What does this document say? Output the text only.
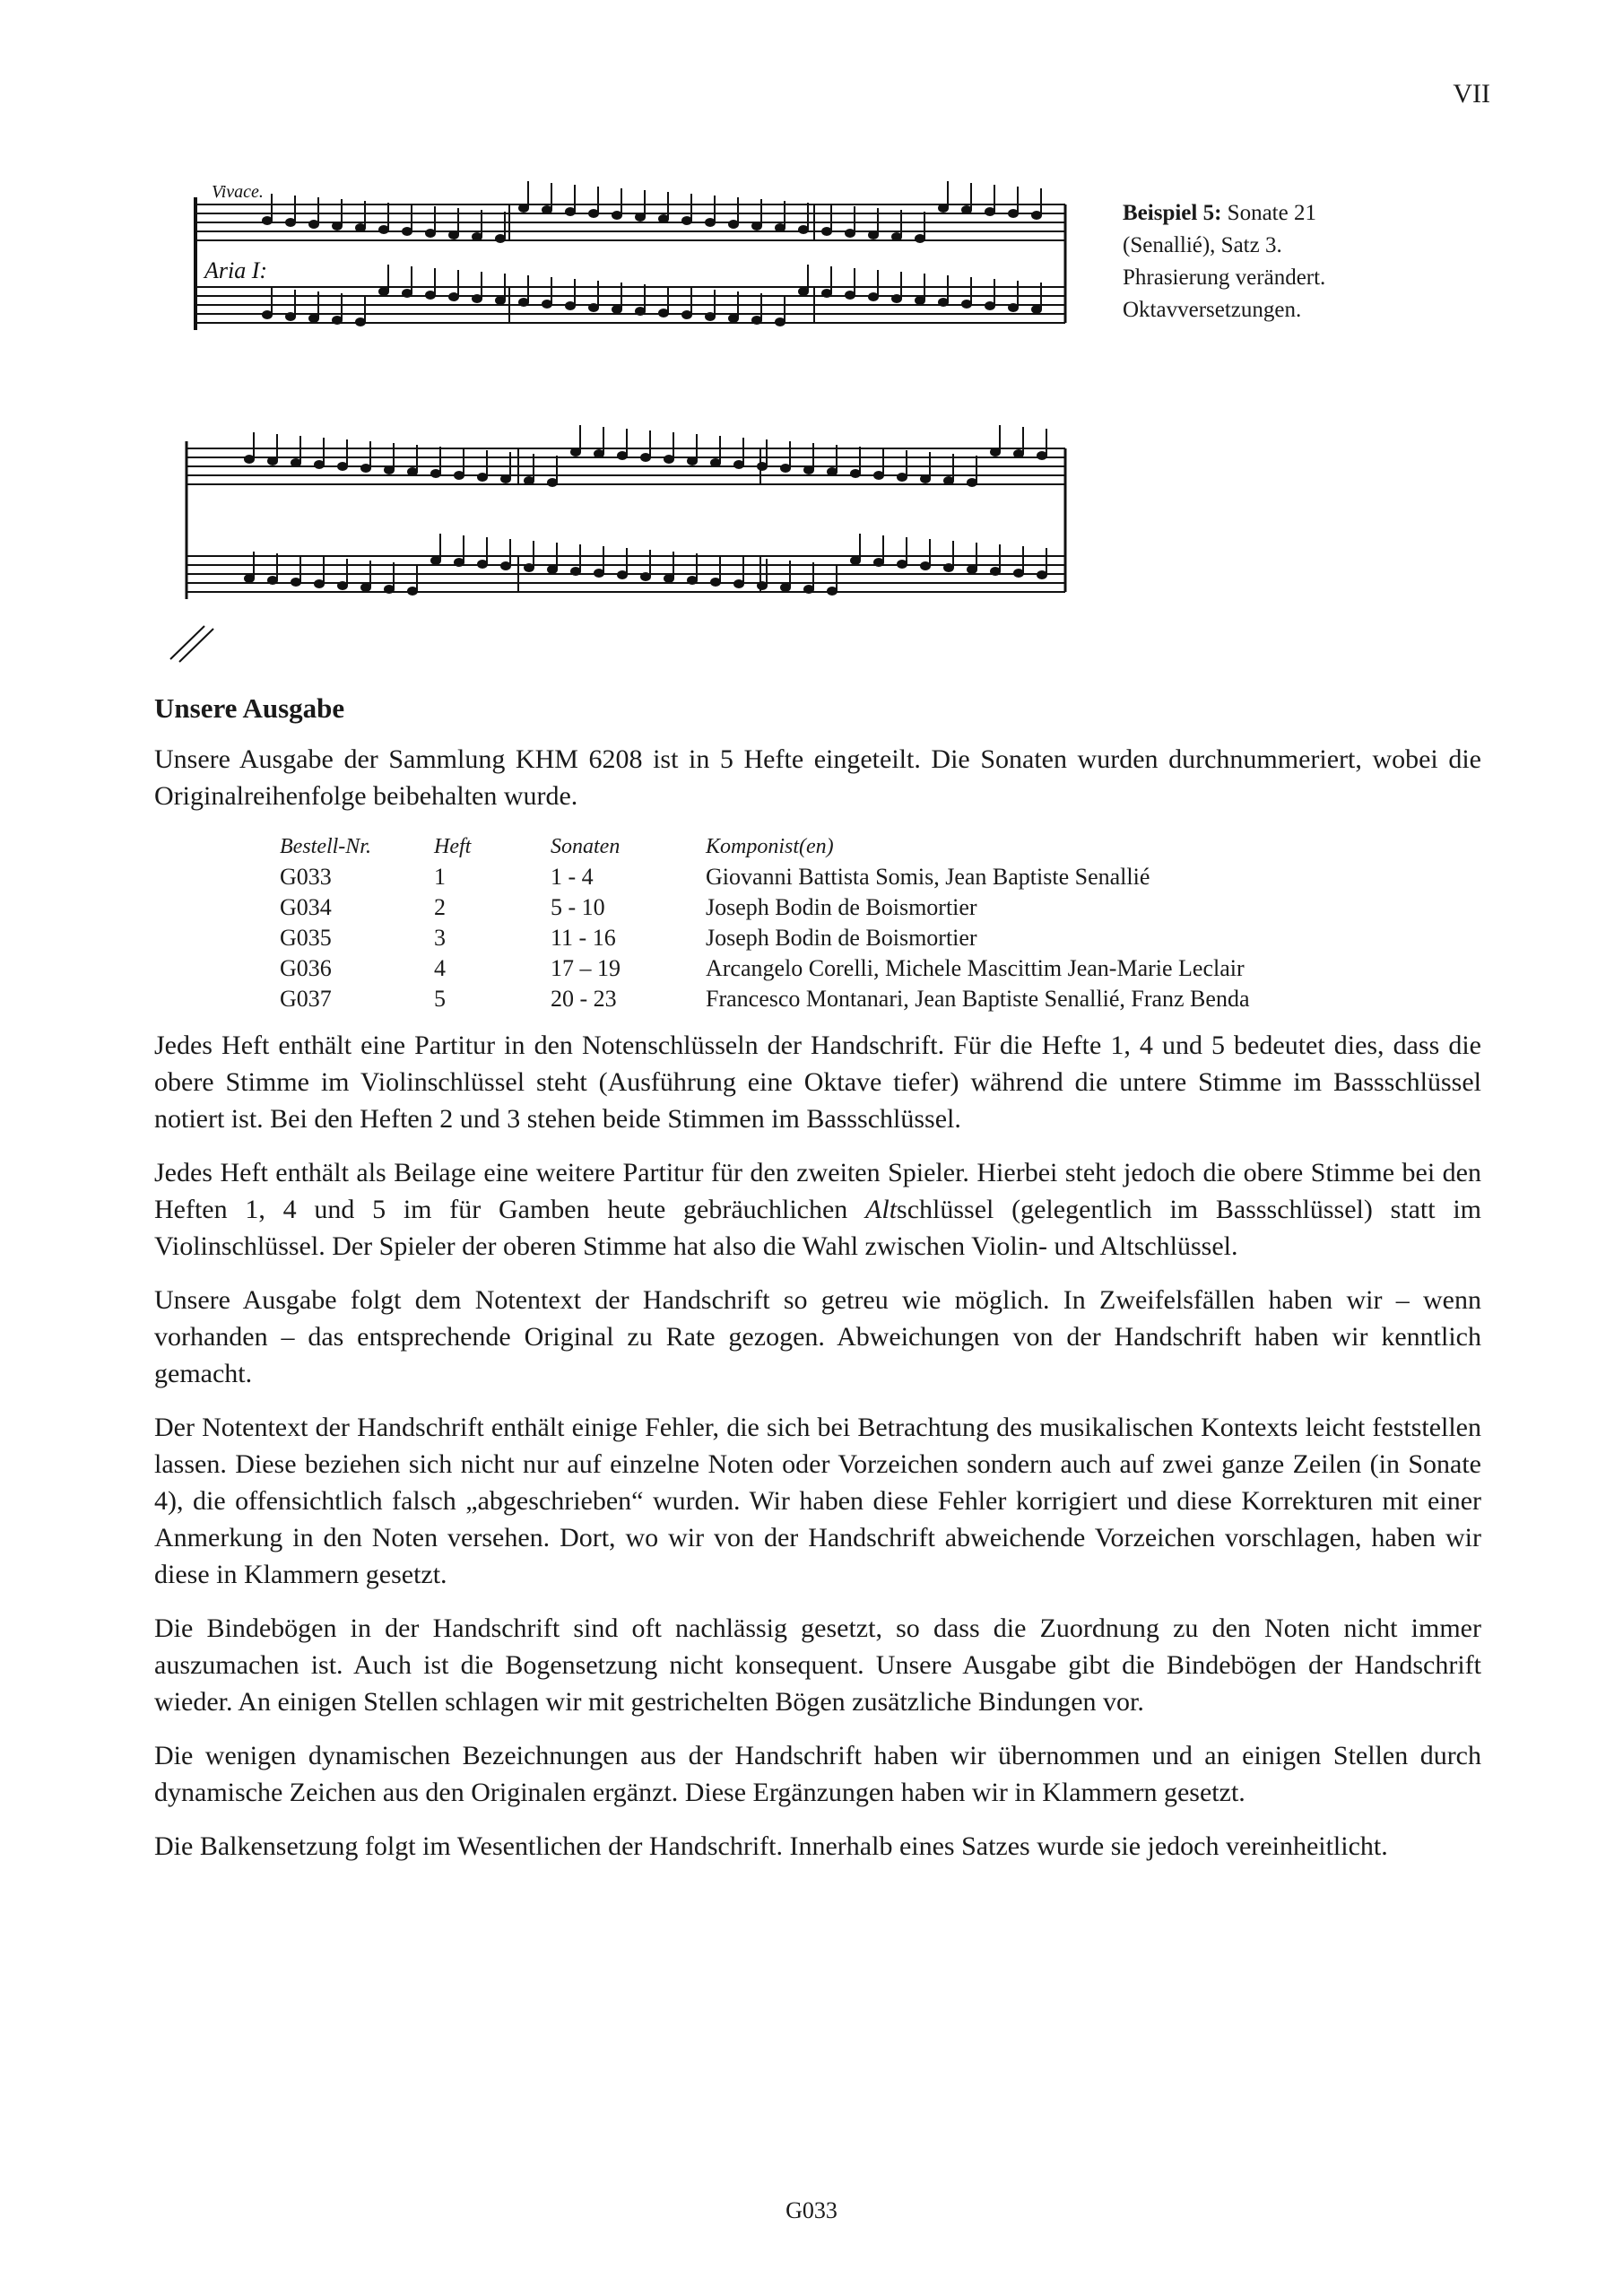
VII
Vivace.
Aria I:
Beispiel 5: Sonate 21 (Senallié), Satz 3. Phrasierung verändert. Oktavversetzungen.
Unsere Ausgabe

Unsere Ausgabe der Sammlung KHM 6208 ist in 5 Hefte eingeteilt. Die Sonaten wurden durchnummeriert, wobei die Originalreihenfolge beibehalten wurde.

Bestell-Nr.	Heft	Sonaten	Komponist(en)
G033	1	1 - 4	Giovanni Battista Somis, Jean Baptiste Senallié
G034	2	5 - 10	Joseph Bodin de Boismortier
G035	3	11 - 16	Joseph Bodin de Boismortier
G036	4	17 – 19	Arcangelo Corelli, Michele Mascittim Jean-Marie Leclair
G037	5	20 - 23	Francesco Montanari, Jean Baptiste Senallié, Franz Benda

Jedes Heft enthält eine Partitur in den Notenschlüsseln der Handschrift. Für die Hefte 1, 4 und 5 bedeutet dies, dass die obere Stimme im Violinschlüssel steht (Ausführung eine Oktave tiefer) während die untere Stimme im Bassschlüssel notiert ist. Bei den Heften 2 und 3 stehen beide Stimmen im Bassschlüssel.

Jedes Heft enthält als Beilage eine weitere Partitur für den zweiten Spieler. Hierbei steht jedoch die obere Stimme bei den Heften 1, 4 und 5 im für Gamben heute gebräuchlichen Altschlüssel (gelegentlich im Bassschlüssel) statt im Violinschlüssel. Der Spieler der oberen Stimme hat also die Wahl zwischen Violin- und Altschlüssel.

Unsere Ausgabe folgt dem Notentext der Handschrift so getreu wie möglich. In Zweifelsfällen haben wir – wenn vorhanden – das entsprechende Original zu Rate gezogen. Abweichungen von der Handschrift haben wir kenntlich gemacht.

Der Notentext der Handschrift enthält einige Fehler, die sich bei Betrachtung des musikalischen Kontexts leicht feststellen lassen. Diese beziehen sich nicht nur auf einzelne Noten oder Vorzeichen sondern auch auf zwei ganze Zeilen (in Sonate 4), die offensichtlich falsch „abgeschrieben“ wurden. Wir haben diese Fehler korrigiert und diese Korrekturen mit einer Anmerkung in den Noten versehen. Dort, wo wir von der Handschrift abweichende Vorzeichen vorschlagen, haben wir diese in Klammern gesetzt.

Die Bindebögen in der Handschrift sind oft nachlässig gesetzt, so dass die Zuordnung zu den Noten nicht immer auszumachen ist. Auch ist die Bogensetzung nicht konsequent. Unsere Ausgabe gibt die Bindebögen der Handschrift wieder. An einigen Stellen schlagen wir mit gestrichelten Bögen zusätzliche Bindungen vor.

Die wenigen dynamischen Bezeichnungen aus der Handschrift haben wir übernommen und an einigen Stellen durch dynamische Zeichen aus den Originalen ergänzt. Diese Ergänzungen haben wir in Klammern gesetzt.

Die Balkensetzung folgt im Wesentlichen der Handschrift. Innerhalb eines Satzes wurde sie jedoch vereinheitlicht.

G033
